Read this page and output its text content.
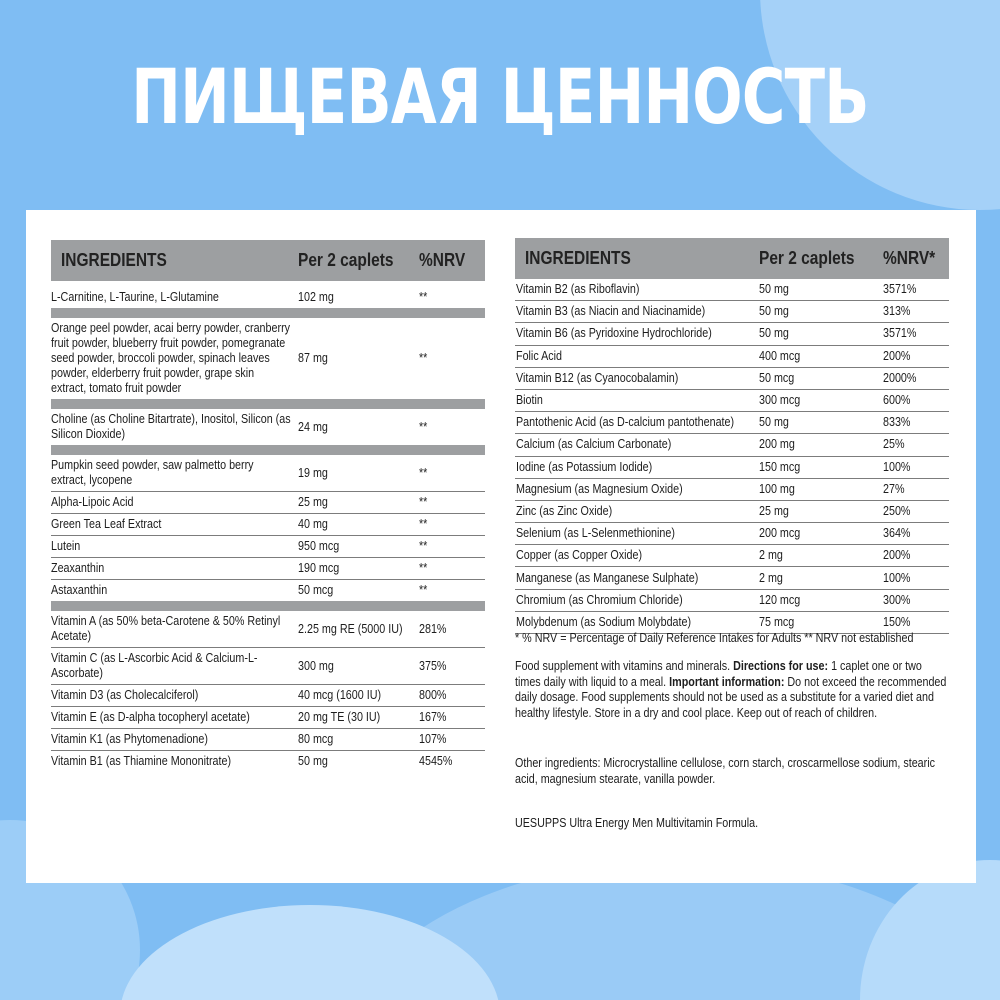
ПИЩЕВАЯ ЦЕННОСТЬ
INGREDIENTS	Per 2 caplets	%NRV
L-Carnitine, L-Taurine, L-Glutamine	102 mg	**
Orange peel powder, acai berry powder, cranberry fruit powder, blueberry fruit powder, pomegranate seed powder, broccoli powder, spinach leaves powder, elderberry fruit powder, grape skin extract, tomato fruit powder
87 mg	**
Choline (as Choline Bitartrate), Inositol, Silicon (as Silicon Dioxide)
24 mg	**
Pumpkin seed powder, saw palmetto berry extract, lycopene
19 mg	**
Alpha-Lipoic Acid	25 mg	**
Green Tea Leaf Extract	40 mg	**
Lutein	950 mcg	**
Zeaxanthin	190 mcg	**
Astaxanthin	50 mcg	**
Vitamin A (as 50% beta-Carotene & 50% Retinyl Acetate)
2.25 mg RE (5000 IU)	281%
Vitamin C (as L-Ascorbic Acid & Calcium-L-Ascorbate)
300 mg	375%
Vitamin D3 (as Cholecalciferol)	40 mcg (1600 IU)	800%
Vitamin E (as D-alpha tocopheryl acetate)	20 mg TE (30 IU)	167%
Vitamin K1 (as Phytomenadione)	80 mcg	107%
Vitamin B1 (as Thiamine Mononitrate)	50 mg	4545%
INGREDIENTS	Per 2 caplets	%NRV*
Vitamin B2 (as Riboflavin)	50 mg	3571%
Vitamin B3 (as Niacin and Niacinamide)	50 mg	313%
Vitamin B6 (as Pyridoxine Hydrochloride)	50 mg	3571%
Folic Acid	400 mcg	200%
Vitamin B12 (as Cyanocobalamin)	50 mcg	2000%
Biotin	300 mcg	600%
Pantothenic Acid (as D-calcium pantothenate)	50 mg	833%
Calcium (as Calcium Carbonate)	200 mg	25%
Iodine (as Potassium Iodide)	150 mcg	100%
Magnesium (as Magnesium Oxide)	100 mg	27%
Zinc (as Zinc Oxide)	25 mg	250%
Selenium (as L-Selenmethionine)	200 mcg	364%
Copper (as Copper Oxide)	2 mg	200%
Manganese (as Manganese Sulphate)	2 mg	100%
Chromium (as Chromium Chloride)	120 mcg	300%
Molybdenum (as Sodium Molybdate)	75 mcg	150%
* % NRV = Percentage of Daily Reference Intakes for Adults ** NRV not established
Food supplement with vitamins and minerals. Directions for use: 1 caplet one or two times daily with liquid to a meal. Important information: Do not exceed the recommended daily dosage. Food supplements should not be used as a substitute for a varied diet and healthy lifestyle. Store in a dry and cool place. Keep out of reach of children.
Other ingredients: Microcrystalline cellulose, corn starch, croscarmellose sodium, stearic acid, magnesium stearate, vanilla powder.
UESUPPS Ultra Energy Men Multivitamin Formula.
